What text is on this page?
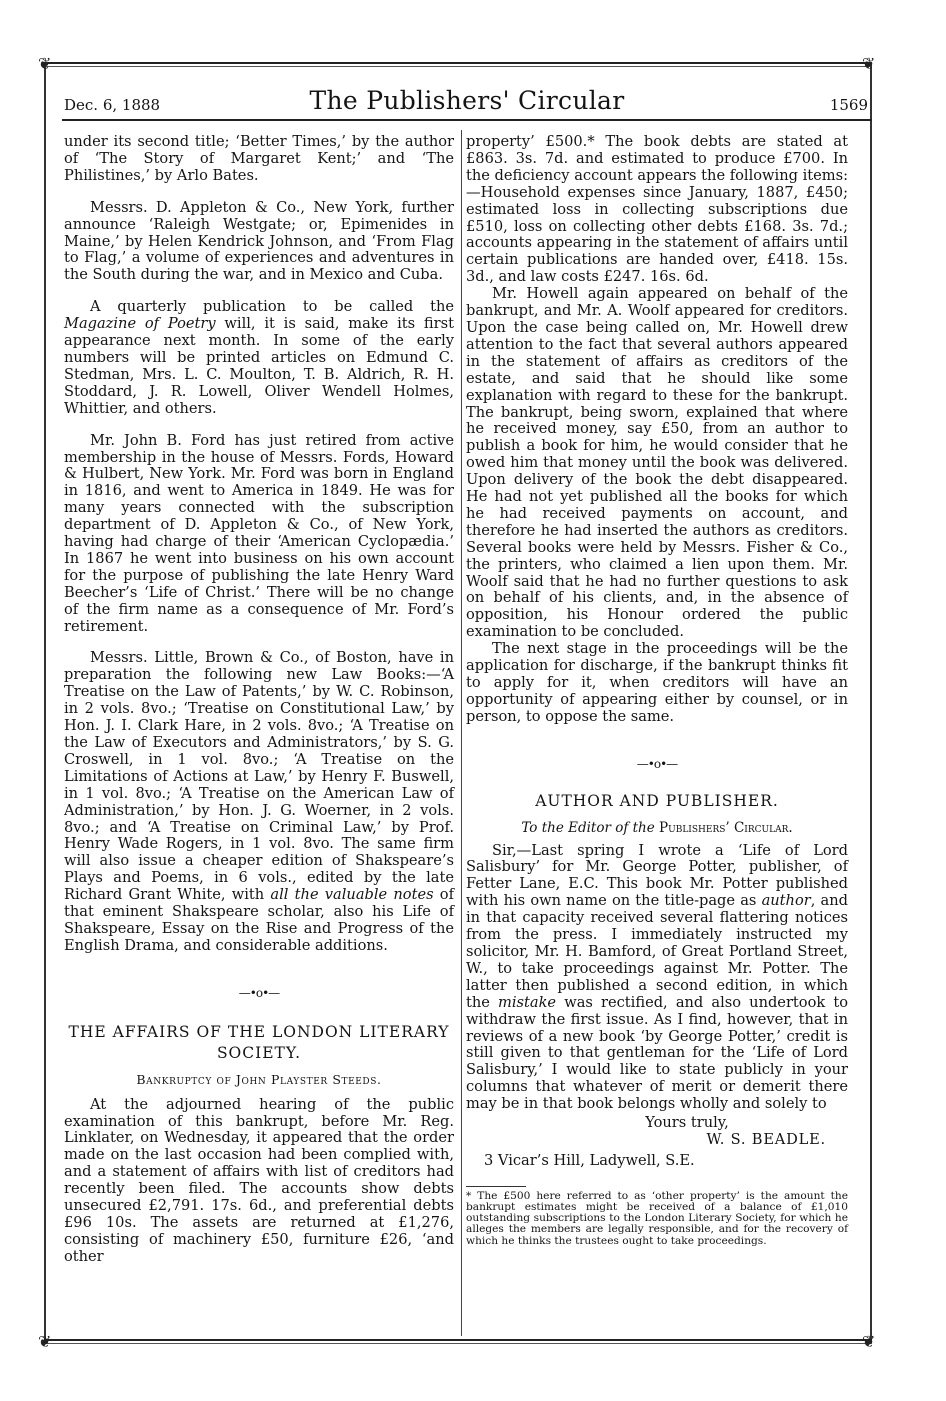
❦	❦
❦	❦
Dec. 6, 1888	The Publishers' Circular	1569

under its second title; ‘Better Times,’ by the author of ‘The Story of Margaret Kent;’ and ‘The Philistines,’ by Arlo Bates.

Messrs. D. Appleton & Co., New York, further announce ‘Raleigh Westgate; or, Epimenides in Maine,’ by Helen Kendrick Johnson, and ‘From Flag to Flag,’ a volume of experiences and adventures in the South during the war, and in Mexico and Cuba.

A quarterly publication to be called the Magazine of Poetry will, it is said, make its first appearance next month. In some of the early numbers will be printed articles on Edmund C. Stedman, Mrs. L. C. Moulton, T. B. Aldrich, R. H. Stoddard, J. R. Lowell, Oliver Wendell Holmes, Whittier, and others.

Mr. John B. Ford has just retired from active membership in the house of Messrs. Fords, Howard & Hulbert, New York. Mr. Ford was born in England in 1816, and went to America in 1849. He was for many years connected with the subscription department of D. Appleton & Co., of New York, having had charge of their ‘American Cyclopædia.’ In 1867 he went into business on his own account for the purpose of publishing the late Henry Ward Beecher’s ‘Life of Christ.’ There will be no change of the firm name as a consequence of Mr. Ford’s retirement.

Messrs. Little, Brown & Co., of Boston, have in preparation the following new Law Books:—‘A Treatise on the Law of Patents,’ by W. C. Robinson, in 2 vols. 8vo.; ‘Treatise on Constitutional Law,’ by Hon. J. I. Clark Hare, in 2 vols. 8vo.; ‘A Treatise on the Law of Executors and Administrators,’ by S. G. Croswell, in 1 vol. 8vo.; ‘A Treatise on the Limitations of Actions at Law,’ by Henry F. Buswell, in 1 vol. 8vo.; ‘A Treatise on the American Law of Administration,’ by Hon. J. G. Woerner, in 2 vols. 8vo.; and ‘A Treatise on Criminal Law,’ by Prof. Henry Wade Rogers, in 1 vol. 8vo. The same firm will also issue a cheaper edition of Shakspeare’s Plays and Poems, in 6 vols., edited by the late Richard Grant White, with all the valuable notes of that eminent Shakspeare scholar, also his Life of Shakspeare, Essay on the Rise and Progress of the English Drama, and considerable additions.

—•o•—
THE AFFAIRS OF THE LONDON LITERARY SOCIETY.
Bankruptcy of John Playster Steeds.

At the adjourned hearing of the public examination of this bankrupt, before Mr. Reg. Linklater, on Wednesday, it appeared that the order made on the last occasion had been complied with, and a statement of affairs with list of creditors had recently been filed. The accounts show debts unsecured £2,791. 17s. 6d., and preferential debts £96 10s. The assets are returned at £1,276, consisting of machinery £50, furniture £26, ‘and other

property’ £500.* The book debts are stated at £863. 3s. 7d. and estimated to produce £700. In the deficiency account appears the following items:—Household expenses since January, 1887, £450; estimated loss in collecting subscriptions due £510, loss on collecting other debts £168. 3s. 7d.; accounts appearing in the statement of affairs until certain publications are handed over, £418. 15s. 3d., and law costs £247. 16s. 6d.

Mr. Howell again appeared on behalf of the bankrupt, and Mr. A. Woolf appeared for creditors. Upon the case being called on, Mr. Howell drew attention to the fact that several authors appeared in the statement of affairs as creditors of the estate, and said that he should like some explanation with regard to these for the bankrupt. The bankrupt, being sworn, explained that where he received money, say £50, from an author to publish a book for him, he would consider that he owed him that money until the book was delivered. Upon delivery of the book the debt disappeared. He had not yet published all the books for which he had received payments on account, and therefore he had inserted the authors as creditors. Several books were held by Messrs. Fisher & Co., the printers, who claimed a lien upon them. Mr. Woolf said that he had no further questions to ask on behalf of his clients, and, in the absence of opposition, his Honour ordered the public examination to be concluded.

The next stage in the proceedings will be the application for discharge, if the bankrupt thinks fit to apply for it, when creditors will have an opportunity of appearing either by counsel, or in person, to oppose the same.

—•o•—
AUTHOR AND PUBLISHER.
To the Editor of the Publishers’ Circular.

Sir,—Last spring I wrote a ‘Life of Lord Salisbury’ for Mr. George Potter, publisher, of Fetter Lane, E.C. This book Mr. Potter published with his own name on the title-page as author, and in that capacity received several flattering notices from the press. I immediately instructed my solicitor, Mr. H. Bamford, of Great Portland Street, W., to take proceedings against Mr. Potter. The latter then published a second edition, in which the mistake was rectified, and also undertook to withdraw the first issue. As I find, however, that in reviews of a new book ‘by George Potter,’ credit is still given to that gentleman for the ‘Life of Lord Salisbury,’ I would like to state publicly in your columns that whatever of merit or demerit there may be in that book belongs wholly and solely to

Yours truly,
W. S. BEADLE.
3 Vicar’s Hill, Ladywell, S.E.
* The £500 here referred to as ‘other property’ is the amount the bankrupt estimates might be received of a balance of £1,010 outstanding subscriptions to the London Literary Society, for which he alleges the members are legally responsible, and for the recovery of which he thinks the trustees ought to take proceedings.
